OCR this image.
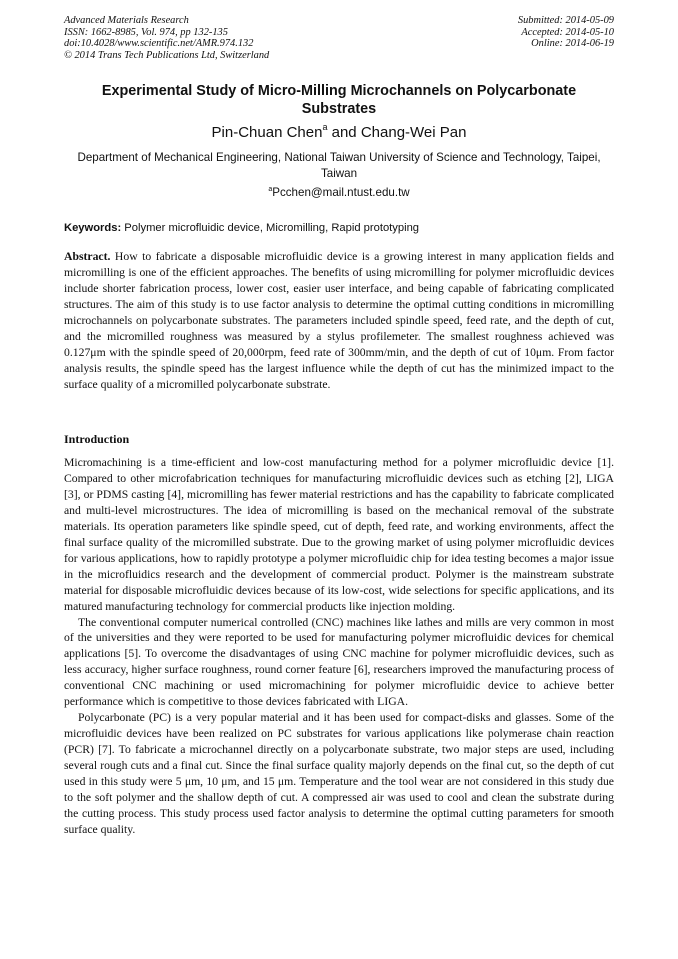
Advanced Materials Research
ISSN: 1662-8985, Vol. 974, pp 132-135
doi:10.4028/www.scientific.net/AMR.974.132
© 2014 Trans Tech Publications Ltd, Switzerland
Submitted: 2014-05-09
Accepted: 2014-05-10
Online: 2014-06-19
Experimental Study of Micro-Milling Microchannels on Polycarbonate Substrates
Pin-Chuan Chen$^a$ and Chang-Wei Pan
Department of Mechanical Engineering, National Taiwan University of Science and Technology, Taipei, Taiwan
$^a$Pcchen@mail.ntust.edu.tw
Keywords: Polymer microfluidic device, Micromilling, Rapid prototyping

Abstract. How to fabricate a disposable microfluidic device is a growing interest in many application fields and micromilling is one of the efficient approaches. The benefits of using micromilling for polymer microfluidic devices include shorter fabrication process, lower cost, easier user interface, and being capable of fabricating complicated structures. The aim of this study is to use factor analysis to determine the optimal cutting conditions in micromilling microchannels on polycarbonate substrates. The parameters included spindle speed, feed rate, and the depth of cut, and the micromilled roughness was measured by a stylus profilemeter. The smallest roughness achieved was 0.127μm with the spindle speed of 20,000rpm, feed rate of 300mm/min, and the depth of cut of 10μm. From factor analysis results, the spindle speed has the largest influence while the depth of cut has the minimized impact to the surface quality of a micromilled polycarbonate substrate.

Introduction

Micromachining is a time-efficient and low-cost manufacturing method for a polymer microfluidic device [1]. Compared to other microfabrication techniques for manufacturing microfluidic devices such as etching [2], LIGA [3], or PDMS casting [4], micromilling has fewer material restrictions and has the capability to fabricate complicated and multi-level microstructures. The idea of micromilling is based on the mechanical removal of the substrate materials. Its operation parameters like spindle speed, cut of depth, feed rate, and working environments, affect the final surface quality of the micromilled substrate. Due to the growing market of using polymer microfluidic devices for various applications, how to rapidly prototype a polymer microfluidic chip for idea testing becomes a major issue in the microfluidics research and the development of commercial product. Polymer is the mainstream substrate material for disposable microfluidic devices because of its low-cost, wide selections for specific applications, and its matured manufacturing technology for commercial products like injection molding.

The conventional computer numerical controlled (CNC) machines like lathes and mills are very common in most of the universities and they were reported to be used for manufacturing polymer microfluidic devices for chemical applications [5]. To overcome the disadvantages of using CNC machine for polymer microfluidic devices, such as less accuracy, higher surface roughness, round corner feature [6], researchers improved the manufacturing process of conventional CNC machining or used micromachining for polymer microfluidic device to achieve better performance which is competitive to those devices fabricated with LIGA.

Polycarbonate (PC) is a very popular material and it has been used for compact-disks and glasses. Some of the microfluidic devices have been realized on PC substrates for various applications like polymerase chain reaction (PCR) [7]. To fabricate a microchannel directly on a polycarbonate substrate, two major steps are used, including several rough cuts and a final cut. Since the final surface quality majorly depends on the final cut, so the depth of cut used in this study were 5 μm, 10 μm, and 15 μm. Temperature and the tool wear are not considered in this study due to the soft polymer and the shallow depth of cut. A compressed air was used to cool and clean the substrate during the cutting process. This study process used factor analysis to determine the optimal cutting parameters for smooth surface quality.
